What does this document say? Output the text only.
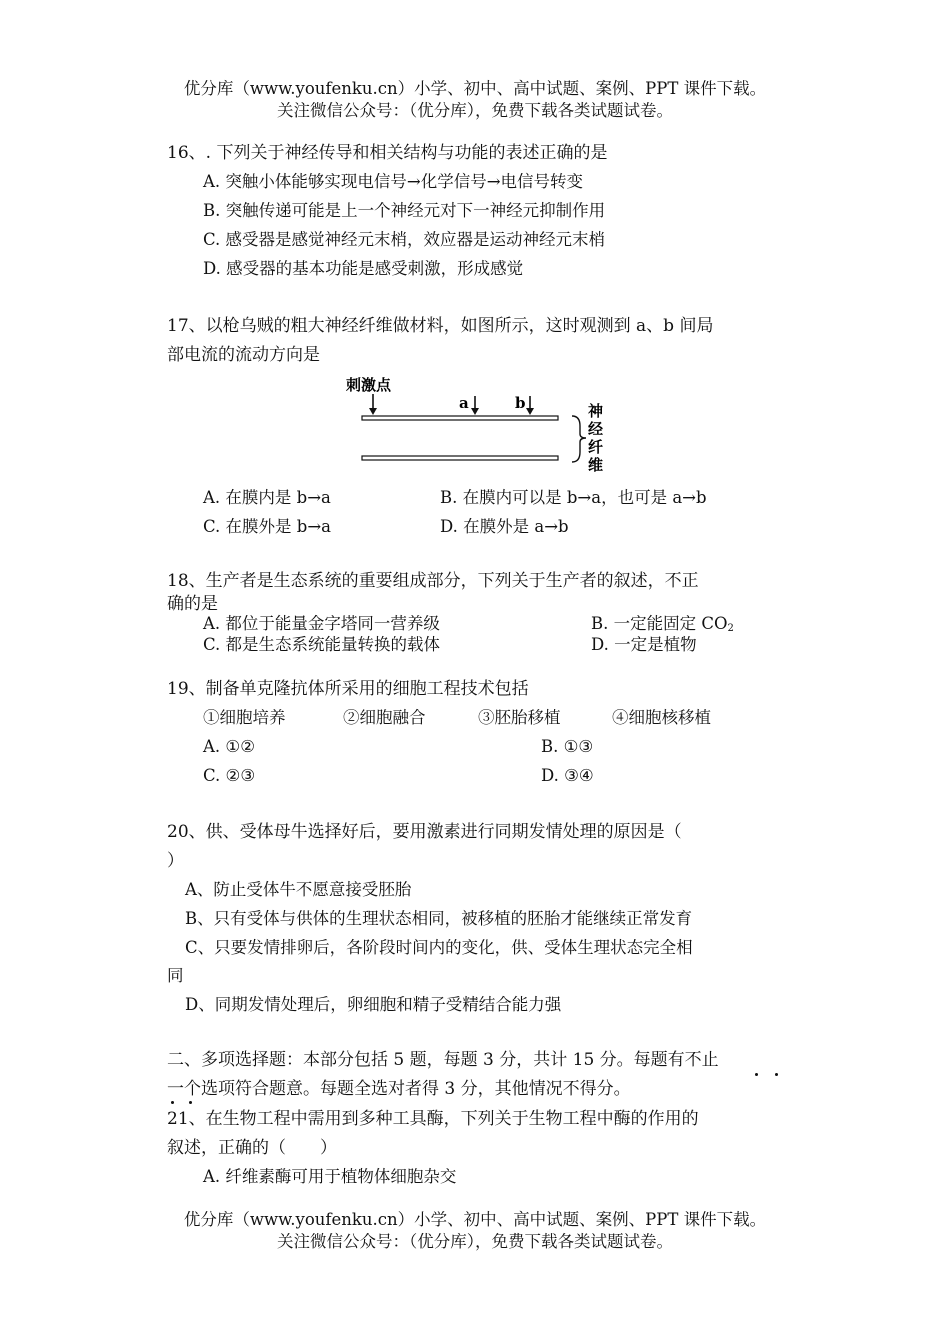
优分库（www.youfenku.cn）小学、初中、高中试题、案例、PPT 课件下载。
关注微信公众号：（优分库），免费下载各类试题试卷。
16、. 下列关于神经传导和相关结构与功能的表述正确的是
A. 突触小体能够实现电信号→化学信号→电信号转变
B. 突触传递可能是上一个神经元对下一神经元抑制作用
C. 感受器是感觉神经元末梢，效应器是运动神经元末梢
D. 感受器的基本功能是感受刺激，形成感觉
17、以枪乌贼的粗大神经纤维做材料，如图所示，这时观测到 a、b 间局
部电流的流动方向是
刺激点
a	b	神
经
纤
维
A. 在膜内是 b→a	B. 在膜内可以是 b→a，也可是 a→b
C. 在膜外是 b→a	D. 在膜外是 a→b
18、生产者是生态系统的重要组成部分，下列关于生产者的叙述，不正
确的是
A. 都位于能量金字塔同一营养级	B. 一定能固定 $CO_2$
C. 都是生态系统能量转换的载体	D. 一定是植物
19、制备单克隆抗体所采用的细胞工程技术包括
①细胞培养	②细胞融合	③胚胎移植	④细胞核移植
A. ①②	B. ①③
C. ②③	D. ③④
20、供、受体母牛选择好后，要用激素进行同期发情处理的原因是（
）
A、防止受体牛不愿意接受胚胎
B、只有受体与供体的生理状态相同，被移植的胚胎才能继续正常发育
C、只要发情排卵后，各阶段时间内的变化，供、受体生理状态完全相
同
D、同期发情处理后，卵细胞和精子受精结合能力强
二、多项选择题：本部分包括 5 题，每题 3 分，共计 15 分。每题有不止
一个选项符合题意。每题全选对者得 3 分，其他情况不得分。
21、在生物工程中需用到多种工具酶，下列关于生物工程中酶的作用的
叙述，正确的（　　）
A. 纤维素酶可用于植物体细胞杂交
优分库（www.youfenku.cn）小学、初中、高中试题、案例、PPT 课件下载。
关注微信公众号：（优分库），免费下载各类试题试卷。
